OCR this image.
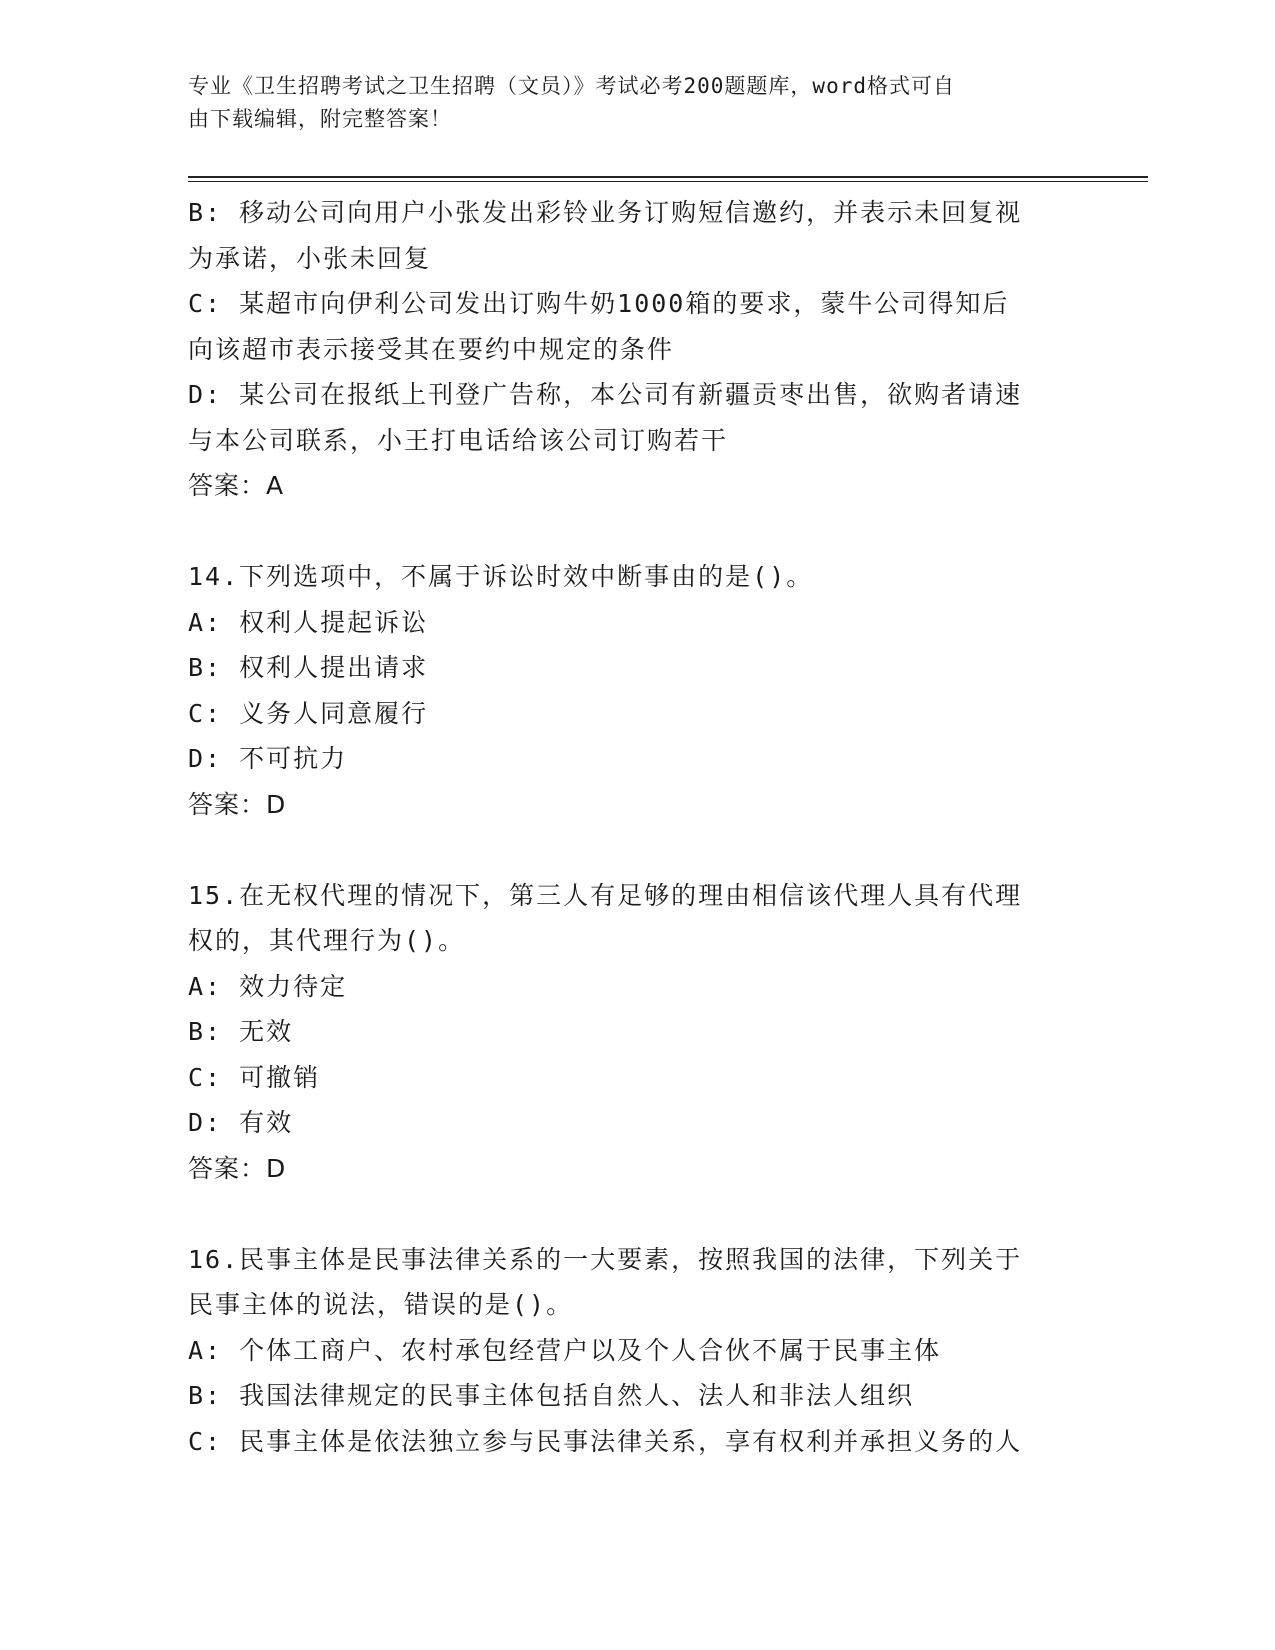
专业《卫生招聘考试之卫生招聘（文员）》考试必考200题题库，word格式可自
由下载编辑，附完整答案！
B: 移动公司向用户小张发出彩铃业务订购短信邀约，并表示未回复视
为承诺，小张未回复
C: 某超市向伊利公司发出订购牛奶1000箱的要求，蒙牛公司得知后
向该超市表示接受其在要约中规定的条件
D: 某公司在报纸上刊登广告称，本公司有新疆贡枣出售，欲购者请速
与本公司联系，小王打电话给该公司订购若干
答案：A
14.下列选项中，不属于诉讼时效中断事由的是()。
A: 权利人提起诉讼
B: 权利人提出请求
C: 义务人同意履行
D: 不可抗力
答案：D
15.在无权代理的情况下，第三人有足够的理由相信该代理人具有代理
权的，其代理行为()。
A: 效力待定
B: 无效
C: 可撤销
D: 有效
答案：D
16.民事主体是民事法律关系的一大要素，按照我国的法律，下列关于
民事主体的说法，错误的是()。
A: 个体工商户、农村承包经营户以及个人合伙不属于民事主体
B: 我国法律规定的民事主体包括自然人、法人和非法人组织
C: 民事主体是依法独立参与民事法律关系，享有权利并承担义务的人
